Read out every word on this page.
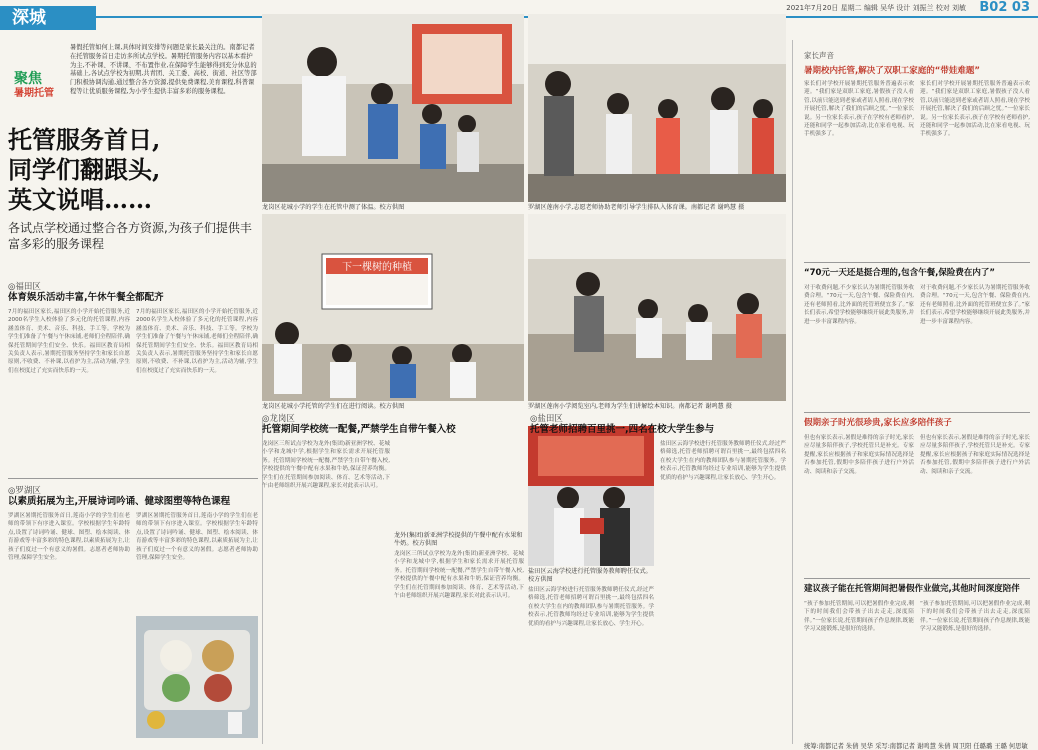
深城	2021年7月20日 星期二 编辑 吴华 设计 刘振兰 校对 刘敏 B02 03
聚焦
暑期托管
暑假托管如何上课,具体时间安排等问题是家长最关注的。南都记者在托管服务首日走访多所试点学校。暑期托管服务内容以基本看护为主,不补课、不讲课、不布置作业,在保障学生能够得到充分休息的基础上,各试点学校为初期,共青团、关工委、高校、街道、社区等部门积极协调沟通,通过整合各方资源,提供免费课程,美育课程,科普课程等让优质服务课程,为小学生提供丰富多彩的服务课程。
托管服务首日,
同学们翻跟头,
英文说唱……
各试点学校通过整合各方资源,为孩子们提供丰富多彩的服务课程
龙岗区花城小学的学生在托管中测了体温。校方供图	罗湖区莲南小学,志愿老师协助老师引导学生排队入体育课。南都记者 谢鸣慧 摄
下一棵树的种植
龙岗区花城小学托管的学生们在进行阅读。校方供图	罗湖区莲南小学阅览室内,老师为学生们讲解绘本知识。南都记者 谢鸣慧 摄
◎福田区
体育娱乐活动丰富,午休午餐全都配齐
7月的福田区家长,福田区的小学开始托管服务,近2000名学生入校体验了多元化的托管课程,内容涵盖体育、美术、音乐、科技、手工等。学校为学生们准备了午餐与午休床铺,老师们全程陪伴,确保托管期间学生们安全、快乐。福田区教育局相关负责人表示,暑期托管服务坚持学生和家长自愿原则,不收费、不补课,以看护为主,活动为辅,学生们在校度过了充实而快乐的一天。
7月的福田区家长,福田区的小学开始托管服务,近2000名学生入校体验了多元化的托管课程,内容涵盖体育、美术、音乐、科技、手工等。学校为学生们准备了午餐与午休床铺,老师们全程陪伴,确保托管期间学生们安全、快乐。福田区教育局相关负责人表示,暑期托管服务坚持学生和家长自愿原则,不收费、不补课,以看护为主,活动为辅,学生们在校度过了充实而快乐的一天。
◎罗湖区
以素质拓展为主,开展诗词吟诵、健球图塑等特色课程
罗湖区暑期托管服务首日,莲南小学的学生们在老师的带领下有序进入课室。学校根据学生年龄特点,设置了诗词吟诵、健球、图塑、绘本阅读、体育游戏等丰富多彩的特色课程,以素质拓展为主,让孩子们度过一个有意义的暑假。志愿者老师协助管理,保障学生安全。
罗湖区暑期托管服务首日,莲南小学的学生们在老师的带领下有序进入课室。学校根据学生年龄特点,设置了诗词吟诵、健球、图塑、绘本阅读、体育游戏等丰富多彩的特色课程,以素质拓展为主,让孩子们度过一个有意义的暑假。志愿者老师协助管理,保障学生安全。
◎龙岗区
托管期间学校统一配餐,严禁学生自带午餐入校
龙岗区三所试点学校为龙外(集团)新亚洲学校、花城小学和龙城中学,根据学生和家长需求开展托管服务。托管期间学校统一配餐,严禁学生自带午餐入校,学校提供的午餐中配有水果和牛奶,保证营养均衡。学生们在托管期间参加阅读、体育、艺术等活动,下午由老师组织开展兴趣课程,家长对此表示认可。
龙岗区三所试点学校为龙外(集团)新亚洲学校、花城小学和龙城中学,根据学生和家长需求开展托管服务。托管期间学校统一配餐,严禁学生自带午餐入校,学校提供的午餐中配有水果和牛奶,保证营养均衡。学生们在托管期间参加阅读、体育、艺术等活动,下午由老师组织开展兴趣课程,家长对此表示认可。
龙外(集团)新亚洲学校提供的午餐中配有水果和牛奶。校方供图
盐田区云海学校进行托管服务教师聘任仪式。校方供图
◎盐田区
托管老师招聘百里挑一,四名在校大学生参与
盐田区云海学校进行托管服务教师聘任仪式,经过严格筛选,托管老师招聘可谓百里挑一,最终包括四名在校大学生在内的教师团队参与暑期托管服务。学校表示,托管教师均经过专业培训,能够为学生提供优质的看护与兴趣课程,让家长放心、学生开心。
盐田区云海学校进行托管服务教师聘任仪式,经过严格筛选,托管老师招聘可谓百里挑一,最终包括四名在校大学生在内的教师团队参与暑期托管服务。学校表示,托管教师均经过专业培训,能够为学生提供优质的看护与兴趣课程,让家长放心、学生开心。
家长声音
暑期校内托管,解决了双职工家庭的“带娃难题”
家长们对学校开展暑期托管服务普遍表示欢迎。“我们家是双职工家庭,暑假孩子没人看管,以前只能送到老家或者请人照看,现在学校开展托管,解决了我们的后顾之忧。”一位家长说。另一位家长表示,孩子在学校有老师看护,还能和同学一起参加活动,比在家看电视、玩手机强多了。
家长们对学校开展暑期托管服务普遍表示欢迎。“我们家是双职工家庭,暑假孩子没人看管,以前只能送到老家或者请人照看,现在学校开展托管,解决了我们的后顾之忧。”一位家长说。另一位家长表示,孩子在学校有老师看护,还能和同学一起参加活动,比在家看电视、玩手机强多了。
“70元一天还是挺合理的,包含午餐,保险费在内了”
对于收费问题,不少家长认为暑期托管服务收费合理。“70元一天,包含午餐、保险费在内,还有老师照看,比外面的托管班便宜多了。”家长们表示,希望学校能够继续开展此类服务,并进一步丰富课程内容。
对于收费问题,不少家长认为暑期托管服务收费合理。“70元一天,包含午餐、保险费在内,还有老师照看,比外面的托管班便宜多了。”家长们表示,希望学校能够继续开展此类服务,并进一步丰富课程内容。
假期亲子时光很珍贵,家长应多陪伴孩子
但也有家长表示,暑假是难得的亲子时光,家长应尽量多陪伴孩子,学校托管只是补充。专家提醒,家长应根据孩子和家庭实际情况选择是否参加托管,假期中多陪伴孩子进行户外活动、阅读和亲子交流。
但也有家长表示,暑假是难得的亲子时光,家长应尽量多陪伴孩子,学校托管只是补充。专家提醒,家长应根据孩子和家庭实际情况选择是否参加托管,假期中多陪伴孩子进行户外活动、阅读和亲子交流。
建议孩子能在托管期间把暑假作业做完,其他时间深度陪伴
“孩子参加托管期间,可以把暑假作业完成,剩下的时间我们会带孩子出去走走,深度陪伴。”一位家长说,托管期间孩子作息规律,既能学习又能锻炼,是很好的选择。
“孩子参加托管期间,可以把暑假作业完成,剩下的时间我们会带孩子出去走走,深度陪伴。”一位家长说,托管期间孩子作息规律,既能学习又能锻炼,是很好的选择。
统筹:南都记者 朱倩 吴华 采写:南都记者 谢鸣慧 朱倩 周卫阳 任璐璐 王璐 何思敏
